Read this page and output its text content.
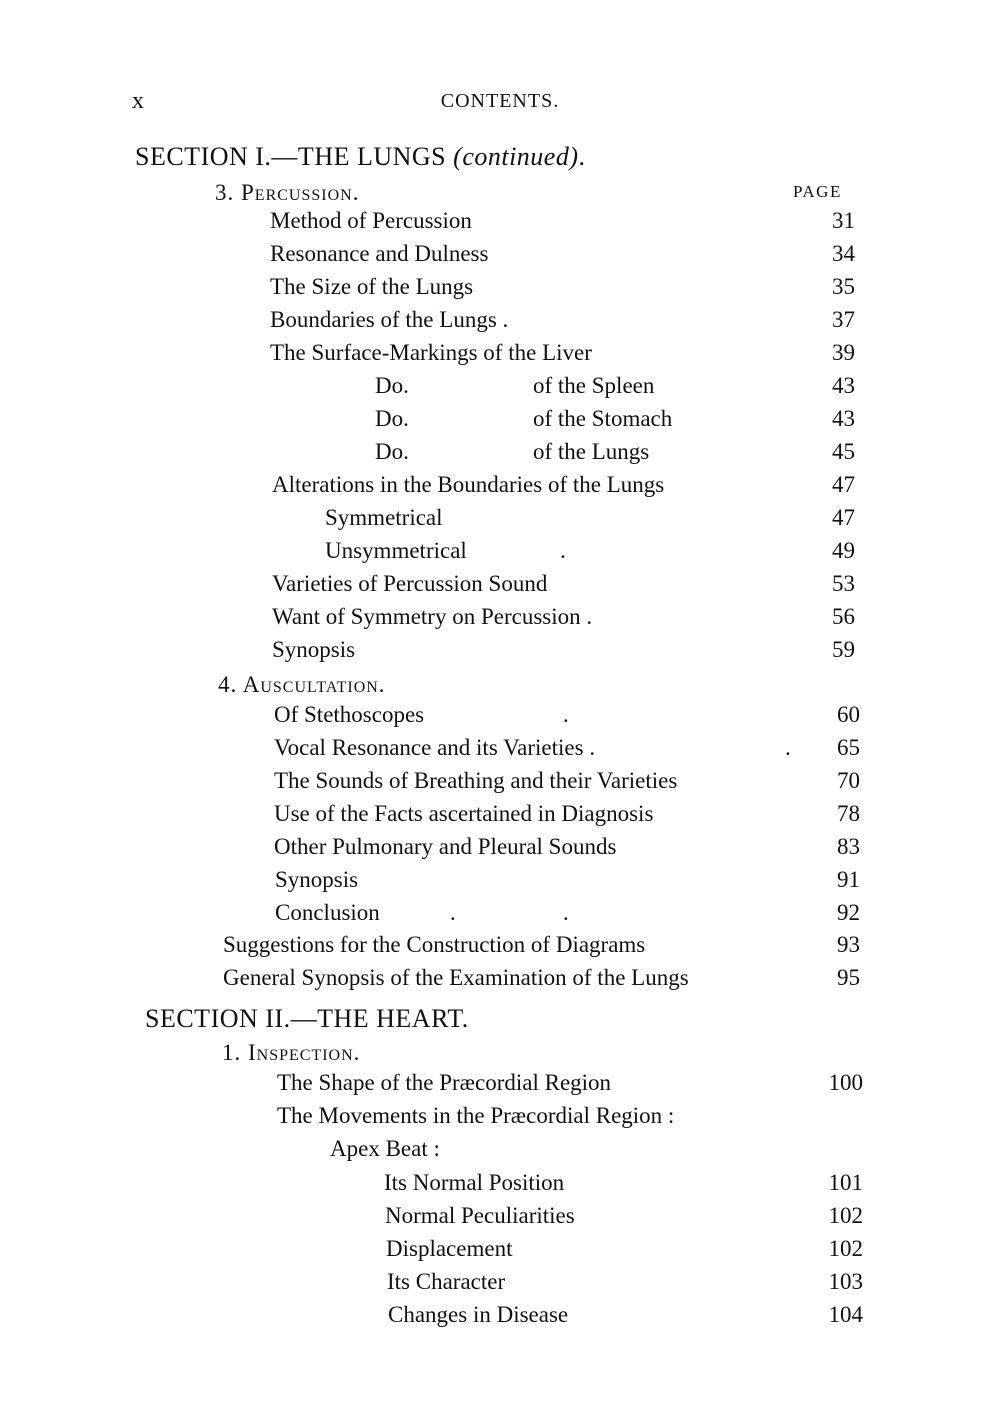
x	CONTENTS.
SECTION I.—THE LUNGS (continued).
3. Percussion.	PAGE
Method of Percussion	31
Resonance and Dulness	34
The Size of the Lungs	35
Boundaries of the Lungs .	37
The Surface-Markings of the Liver	39
Do.	of the Spleen	43
Do.	of the Stomach	43
Do.	of the Lungs	45
Alterations in the Boundaries of the Lungs	47
Symmetrical	47
Unsymmetrical	.	49
Varieties of Percussion Sound	53
Want of Symmetry on Percussion .	56
Synopsis	59
4. Auscultation.
Of Stethoscopes	.	60
Vocal Resonance and its Varieties .	.	65
The Sounds of Breathing and their Varieties	70
Use of the Facts ascertained in Diagnosis	78
Other Pulmonary and Pleural Sounds	83
Synopsis	91
Conclusion	.	.	92
Suggestions for the Construction of Diagrams	93
General Synopsis of the Examination of the Lungs	95
SECTION II.—THE HEART.
1. Inspection.
The Shape of the Præcordial Region	100
The Movements in the Præcordial Region :
Apex Beat :
Its Normal Position	101
Normal Peculiarities	102
Displacement	102
Its Character	103
Changes in Disease	104
